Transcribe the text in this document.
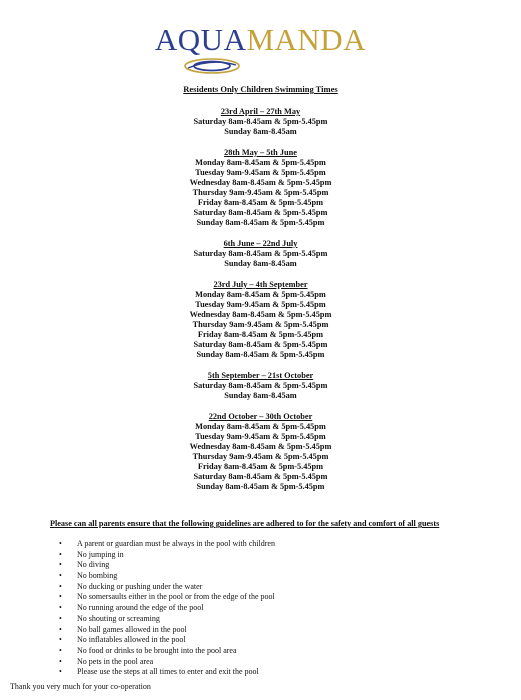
AQUAMANDA
Residents Only Children Swimming Times
23rd April – 27th May
Saturday 8am-8.45am & 5pm-5.45pm
Sunday 8am-8.45am
28th May – 5th June
Monday 8am-8.45am & 5pm-5.45pm
Tuesday 9am-9.45am & 5pm-5.45pm
Wednesday 8am-8.45am & 5pm-5.45pm
Thursday 9am-9.45am & 5pm-5.45pm
Friday 8am-8.45am & 5pm-5.45pm
Saturday 8am-8.45am & 5pm-5.45pm
Sunday 8am-8.45am & 5pm-5.45pm
6th June – 22nd July
Saturday 8am-8.45am & 5pm-5.45pm
Sunday 8am-8.45am
23rd July – 4th September
Monday 8am-8.45am & 5pm-5.45pm
Tuesday 9am-9.45am & 5pm-5.45pm
Wednesday 8am-8.45am & 5pm-5.45pm
Thursday 9am-9.45am & 5pm-5.45pm
Friday 8am-8.45am & 5pm-5.45pm
Saturday 8am-8.45am & 5pm-5.45pm
Sunday 8am-8.45am & 5pm-5.45pm
5th September – 21st October
Saturday 8am-8.45am & 5pm-5.45pm
Sunday 8am-8.45am
22nd October – 30th October
Monday 8am-8.45am & 5pm-5.45pm
Tuesday 9am-9.45am & 5pm-5.45pm
Wednesday 8am-8.45am & 5pm-5.45pm
Thursday 9am-9.45am & 5pm-5.45pm
Friday 8am-8.45am & 5pm-5.45pm
Saturday 8am-8.45am & 5pm-5.45pm
Sunday 8am-8.45am & 5pm-5.45pm
Please can all parents ensure that the following guidelines are adhered to for the safety and comfort of all guests
• A parent or guardian must be always in the pool with children
• No jumping in
• No diving
• No bombing
• No ducking or pushing under the water
• No somersaults either in the pool or from the edge of the pool
• No running around the edge of the pool
• No shouting or screaming
• No ball games allowed in the pool
• No inflatables allowed in the pool
• No food or drinks to be brought into the pool area
• No pets in the pool area
• Please use the steps at all times to enter and exit the pool
Thank you very much for your co-operation
